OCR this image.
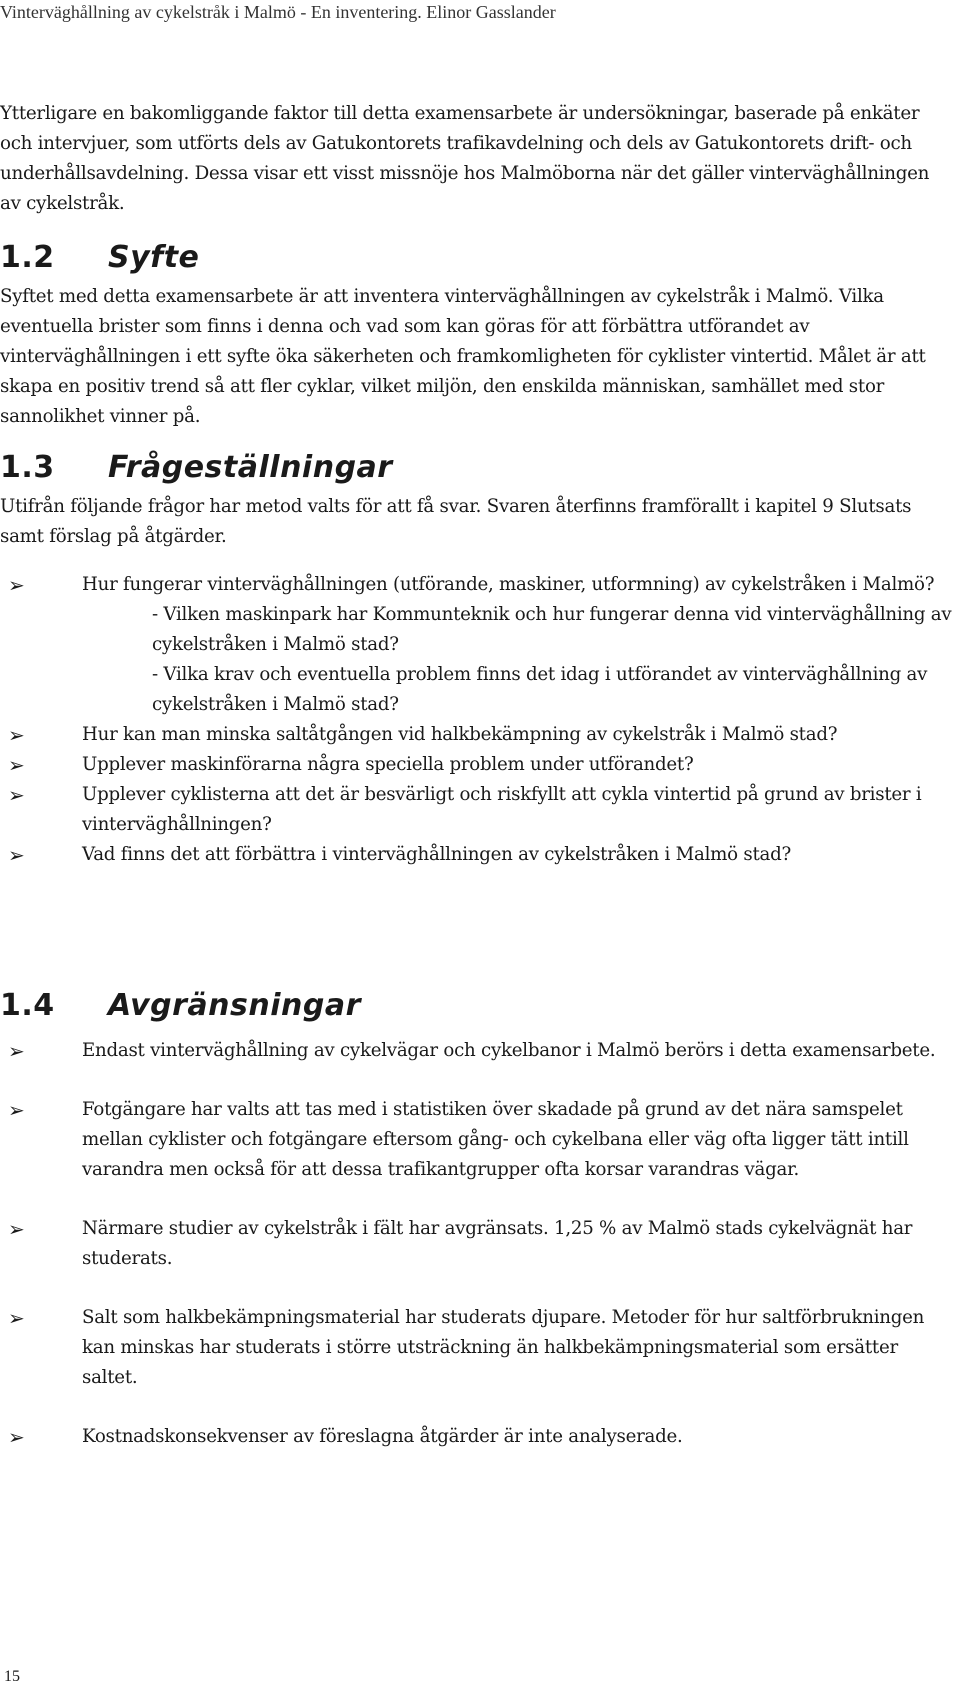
Vinterväghållning av cykelstråk i Malmö - En inventering. Elinor Gasslander

Ytterligare en bakomliggande faktor till detta examensarbete är undersökningar, baserade på enkäter och intervjuer, som utförts dels av Gatukontorets trafikavdelning och dels av Gatukontorets drift- och underhållsavdelning. Dessa visar ett visst missnöje hos Malmöborna när det gäller vinterväghållningen av cykelstråk.

1.2 Syfte

Syftet med detta examensarbete är att inventera vinterväghållningen av cykelstråk i Malmö. Vilka eventuella brister som finns i denna och vad som kan göras för att förbättra utförandet av vinterväghållningen i ett syfte öka säkerheten och framkomligheten för cyklister vintertid. Målet är att skapa en positiv trend så att fler cyklar, vilket miljön, den enskilda människan, samhället med stor sannolikhet vinner på.

1.3 Frågeställningar

Utifrån följande frågor har metod valts för att få svar. Svaren återfinns framförallt i kapitel 9 Slutsats samt förslag på åtgärder.

➢	Hur fungerar vinterväghållningen (utförande, maskiner, utformning) av cykelstråken i Malmö?
- Vilken maskinpark har Kommunteknik och hur fungerar denna vid vinterväghållning av cykelstråken i Malmö stad?
- Vilka krav och eventuella problem finns det idag i utförandet av vinterväghållning av cykelstråken i Malmö stad?
➢	Hur kan man minska saltåtgången vid halkbekämpning av cykelstråk i Malmö stad?
➢	Upplever maskinförarna några speciella problem under utförandet?
➢	Upplever cyklisterna att det är besvärligt och riskfyllt att cykla vintertid på grund av brister i vinterväghållningen?
➢	Vad finns det att förbättra i vinterväghållningen av cykelstråken i Malmö stad?
1.4 Avgränsningar
➢	Endast vinterväghållning av cykelvägar och cykelbanor i Malmö berörs i detta examensarbete.
➢	Fotgängare har valts att tas med i statistiken över skadade på grund av det nära samspelet mellan cyklister och fotgängare eftersom gång- och cykelbana eller väg ofta ligger tätt intill varandra men också för att dessa trafikantgrupper ofta korsar varandras vägar.
➢	Närmare studier av cykelstråk i fält har avgränsats. 1,25 % av Malmö stads cykelvägnät har studerats.
➢	Salt som halkbekämpningsmaterial har studerats djupare. Metoder för hur saltförbrukningen kan minskas har studerats i större utsträckning än halkbekämpningsmaterial som ersätter saltet.
➢	Kostnadskonsekvenser av föreslagna åtgärder är inte analyserade.
15
